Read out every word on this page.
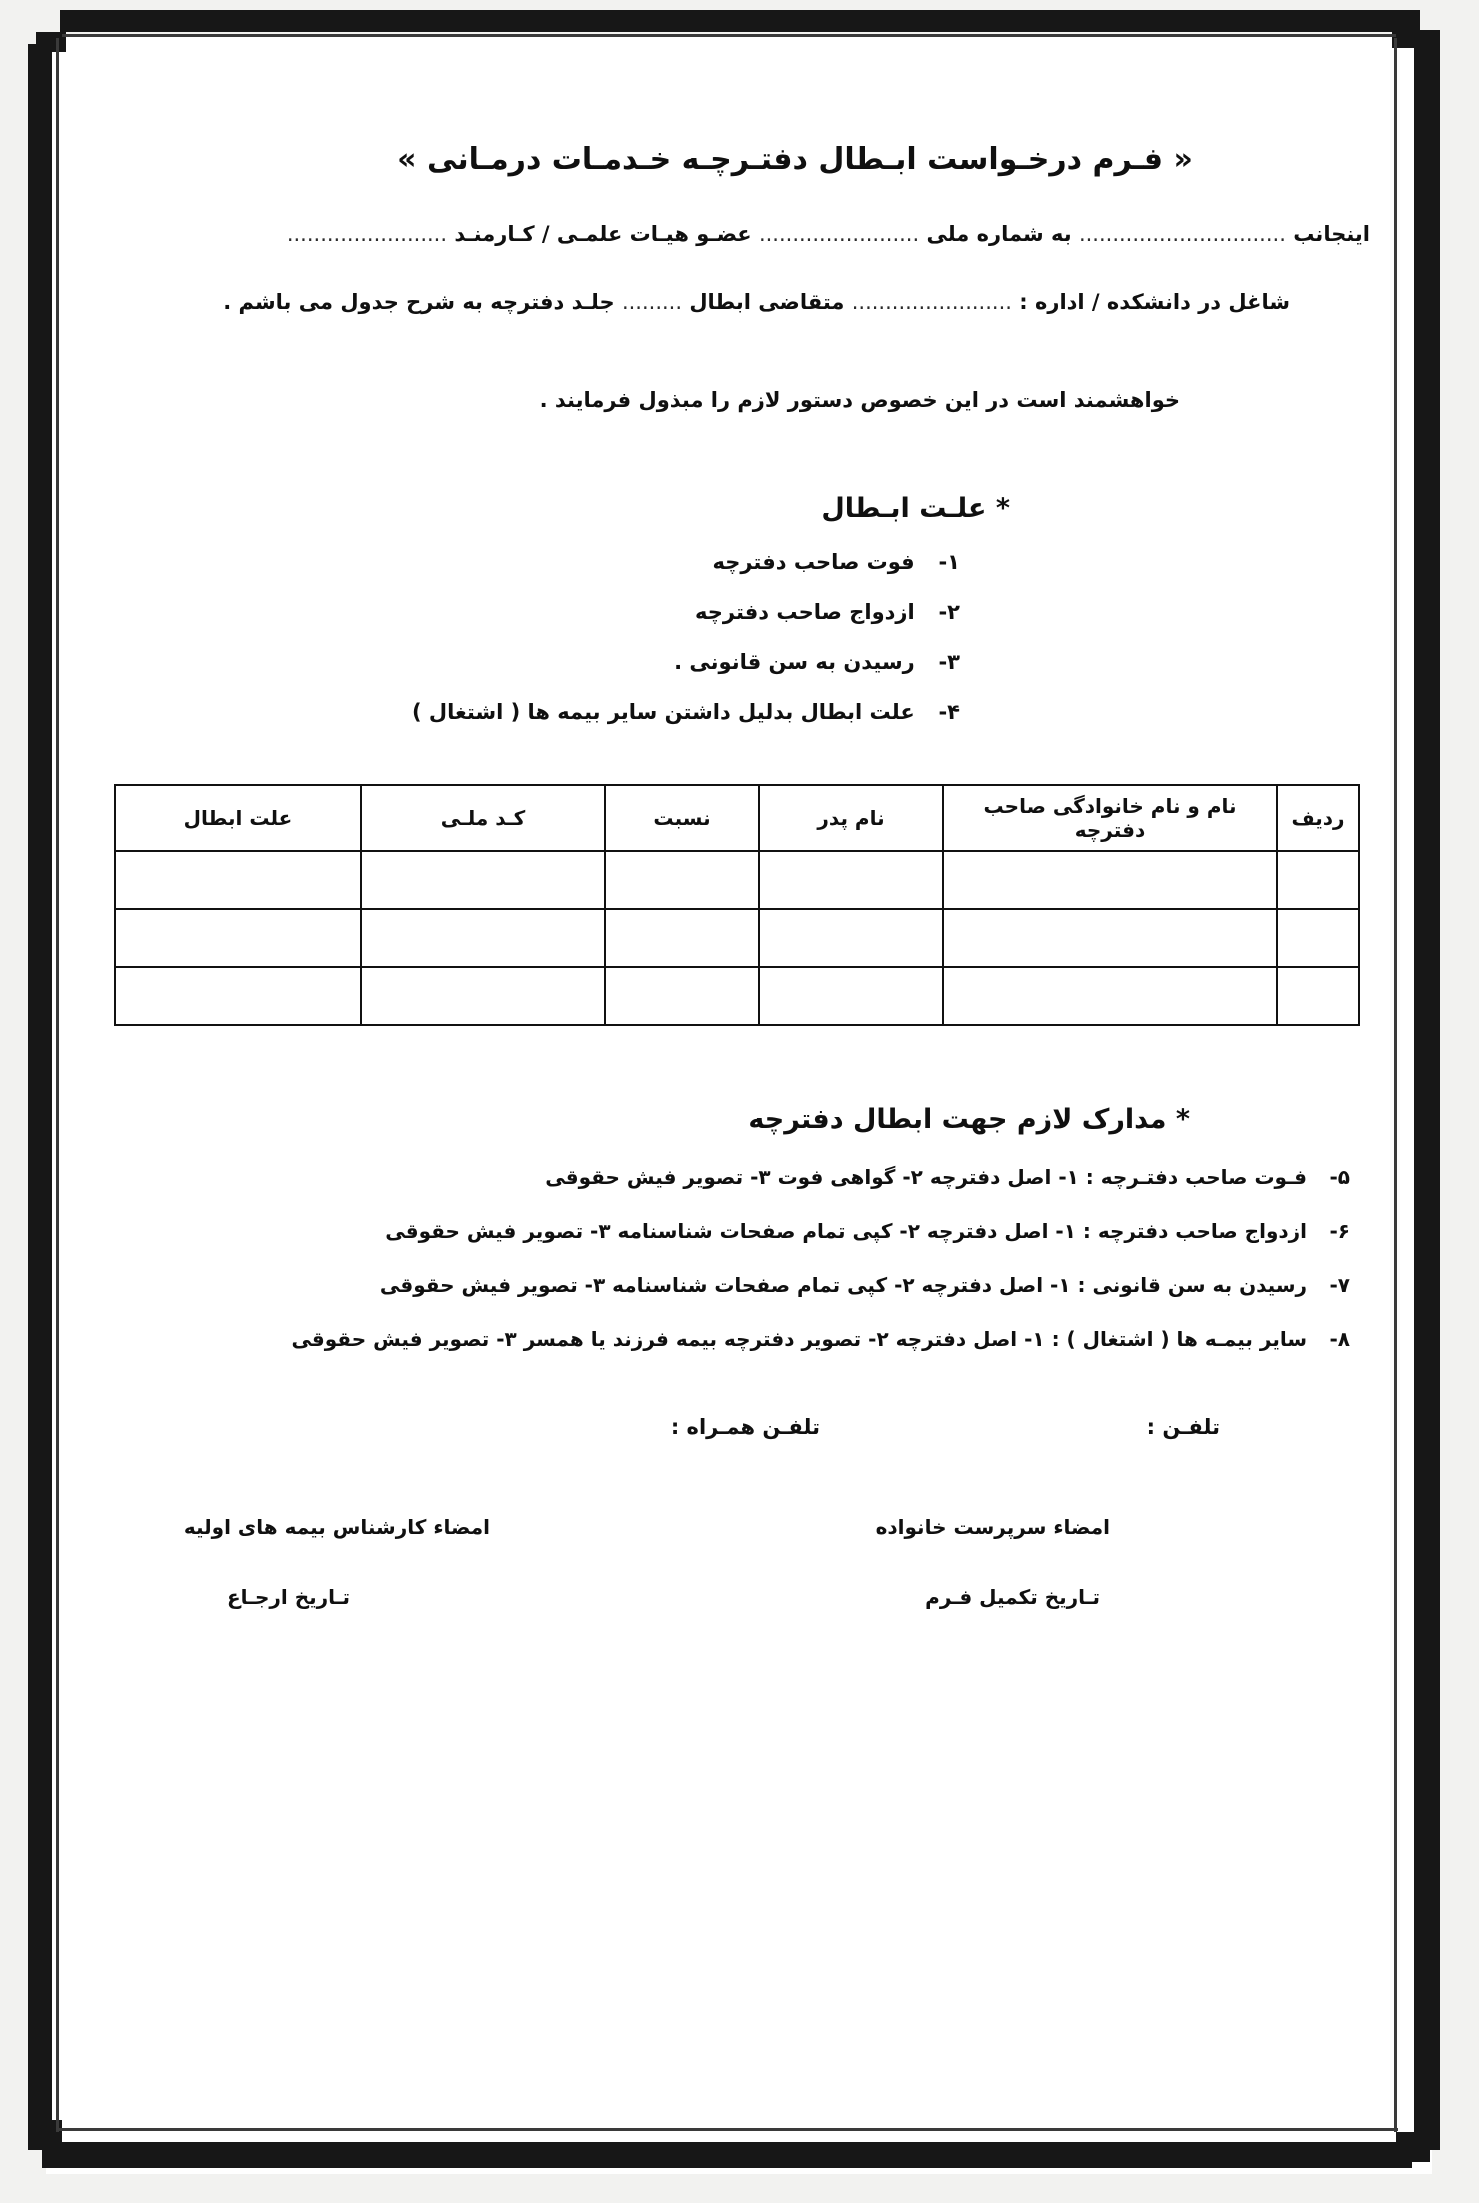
« فـرم درخـواست ابـطال دفتـرچـه خـدمـات درمـانی »
اینجانب ............................... به شماره ملی ........................ عضـو هیـات علمـی / کـارمنـد ........................
شاغل در دانشکده / اداره : ........................ متقاضی ابطال ......... جلـد دفترچه به شرح جدول می باشم .
خواهشمند است در این خصوص دستور لازم را مبذول فرمایند .
* علـت ابـطال
١- فوت صاحب دفترچه
٢- ازدواج صاحب دفترچه
٣- رسیدن به سن قانونی .
۴- علت ابطال بدلیل داشتن سایر بیمه ها ( اشتغال )
ردیف	نام و نام خانوادگی صاحب دفترچه	نام پدر	نسبت	کـد ملـی	علت ابطال

* مدارک لازم جهت ابطال دفترچه
۵- فـوت صاحب دفتـرچه : ١- اصل دفترچه ٢- گواهی فوت ٣- تصویر فیش حقوقی
۶- ازدواج صاحب دفترچه : ١- اصل دفترچه ٢- کپی تمام صفحات شناسنامه ٣- تصویر فیش حقوقی
٧- رسیدن به سن قانونی : ١- اصل دفترچه ٢- کپی تمام صفحات شناسنامه ٣- تصویر فیش حقوقی
٨- سایر بیمـه ها ( اشتغال ) : ١- اصل دفترچه ٢- تصویر دفترچه بیمه فرزند یا همسر ٣- تصویر فیش حقوقی
تلفـن :
تلفـن همـراه :
امضاء سرپرست خانواده
امضاء کارشناس بیمه های اولیه
تـاریخ تکمیل فـرم
تـاریخ ارجـاع
